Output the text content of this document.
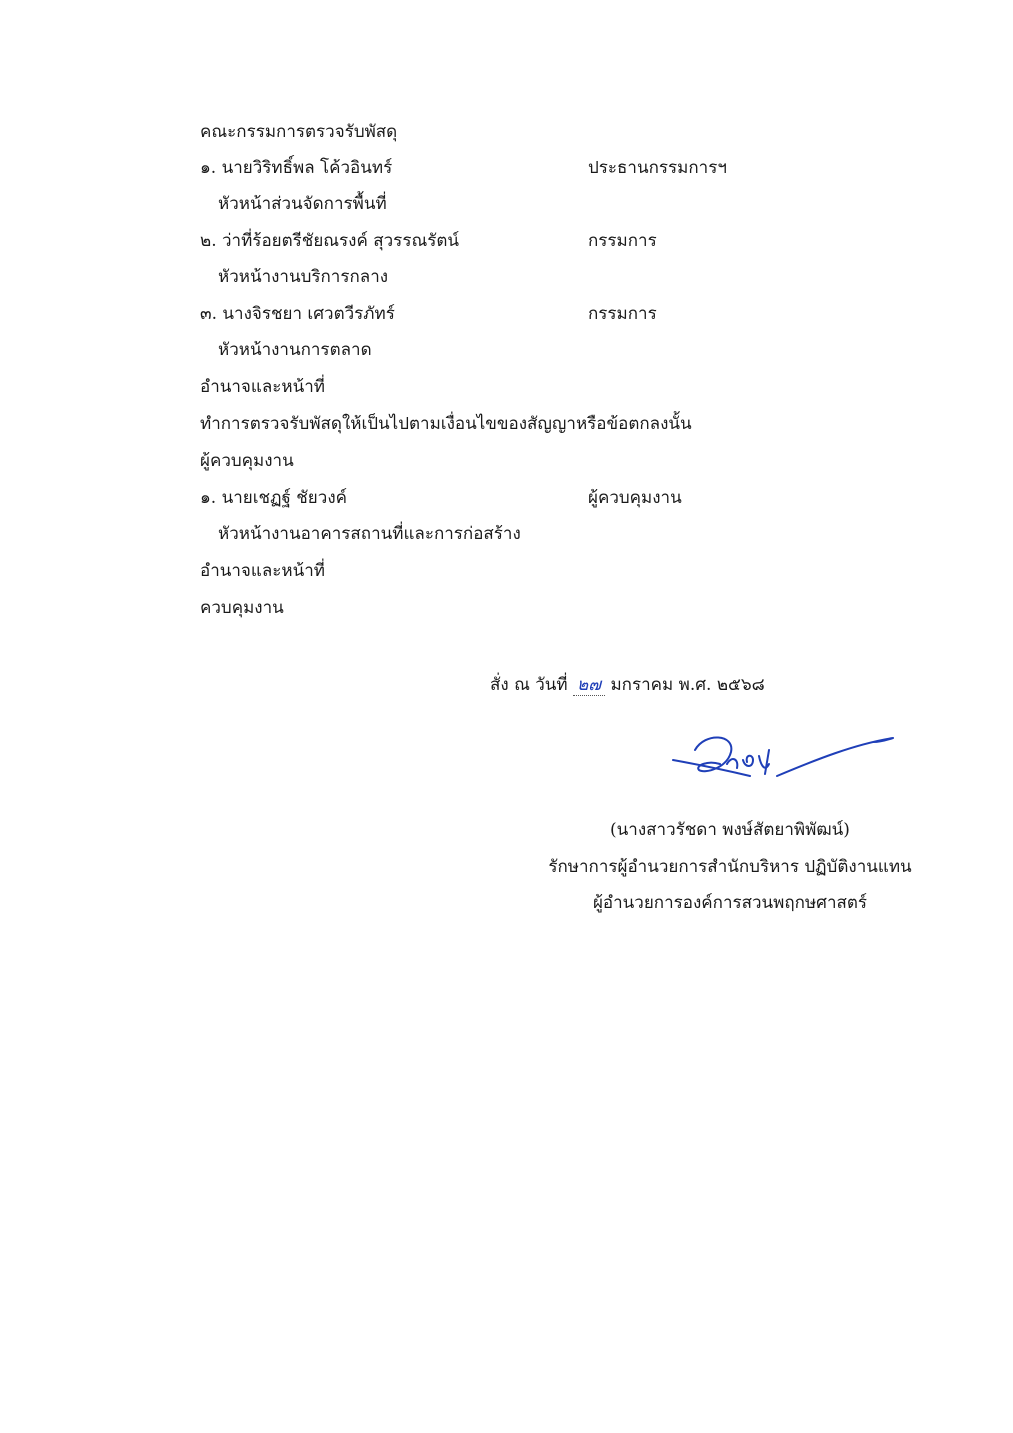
คณะกรรมการตรวจรับพัสดุ
๑. นายวิริทธิ์พล โค้วอินทร์	ประธานกรรมการฯ
หัวหน้าส่วนจัดการพื้นที่
๒. ว่าที่ร้อยตรีชัยณรงค์ สุวรรณรัตน์	กรรมการ
หัวหน้างานบริการกลาง
๓. นางจิรชยา เศวตวีรภัทร์	กรรมการ
หัวหน้างานการตลาด
อำนาจและหน้าที่
ทำการตรวจรับพัสดุให้เป็นไปตามเงื่อนไขของสัญญาหรือข้อตกลงนั้น
ผู้ควบคุมงาน
๑. นายเชฏฐ์ ชัยวงค์	ผู้ควบคุมงาน
หัวหน้างานอาคารสถานที่และการก่อสร้าง
อำนาจและหน้าที่
ควบคุมงาน
สั่ง ณ วันที่ ๒๗ มกราคม พ.ศ. ๒๕๖๘
(นางสาวรัชดา พงษ์สัตยาพิพัฒน์)
รักษาการผู้อำนวยการสำนักบริหาร ปฏิบัติงานแทน
ผู้อำนวยการองค์การสวนพฤกษศาสตร์
